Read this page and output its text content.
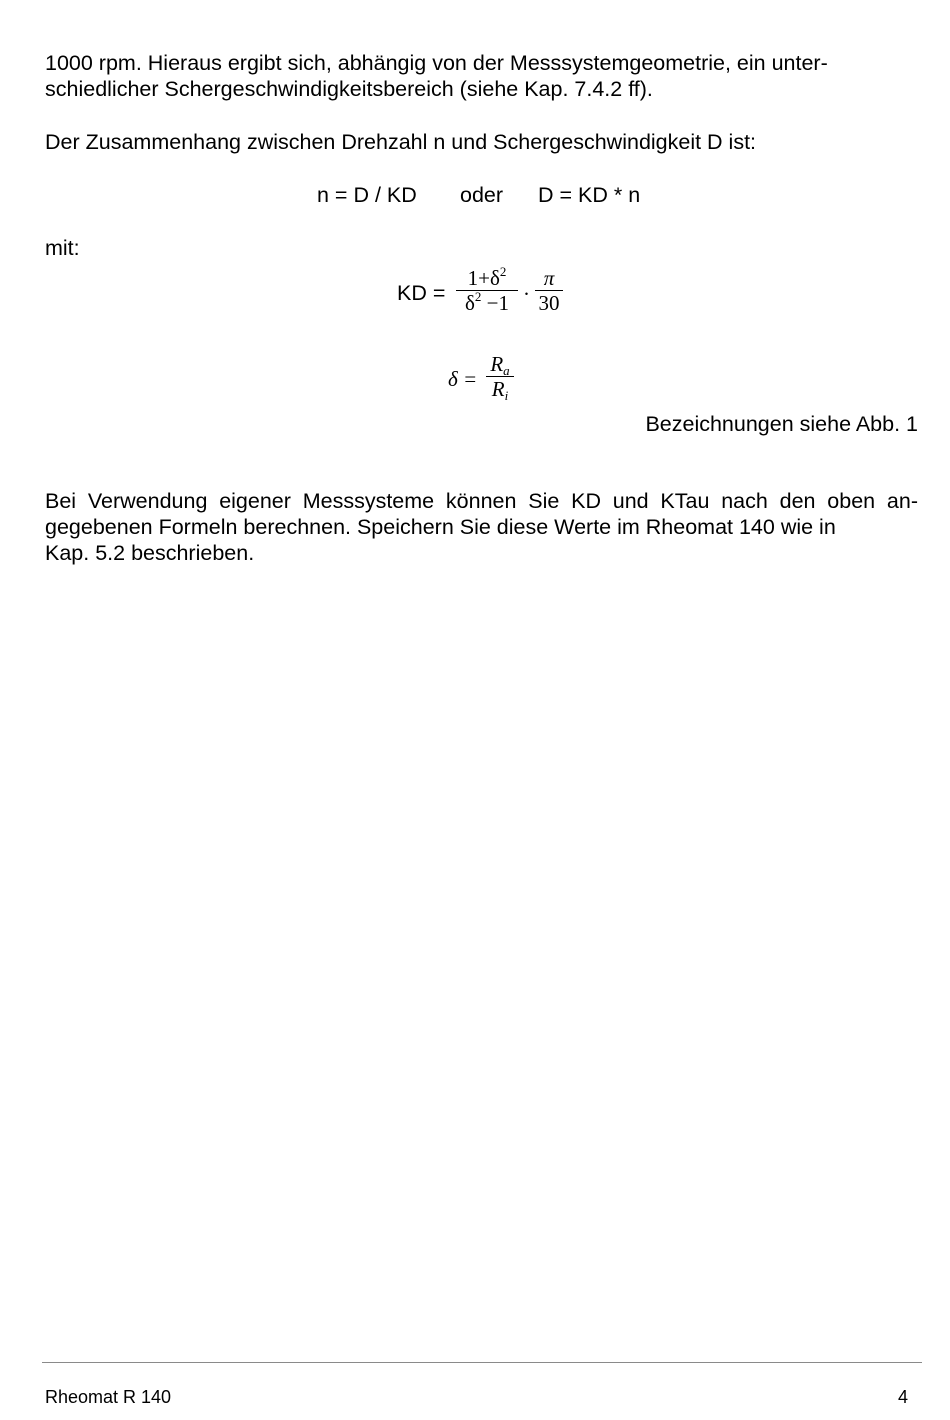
1000 rpm. Hieraus ergibt sich, abhängig von der Messsystemgeometrie, ein unter-
schiedlicher Schergeschwindigkeitsbereich (siehe Kap. 7.4.2 ff).

Der Zusammenhang zwischen Drehzahl n und Schergeschwindigkeit D ist:
n = D / KD oder D = KD * n
mit:
KD =
$1+\delta^2$
$\delta^2 -1$ ·
π
30
δ =
$R_a$
$R_i$
Bezeichnungen siehe Abb. 1

Bei Verwendung eigener Messsysteme können Sie KD und KTau nach den oben an- gegebenen Formeln berechnen. Speichern Sie diese Werte im Rheomat 140 wie in
Kap. 5.2 beschrieben.

Rheomat R 140	4
